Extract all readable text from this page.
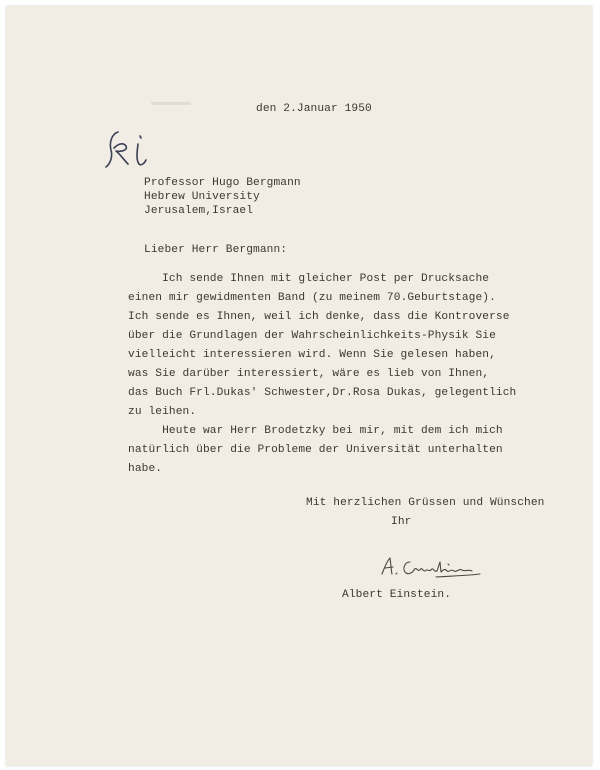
den 2.Januar 1950
Professor Hugo Bergmann
Hebrew University
Jerusalem,Israel
Lieber Herr Bergmann:
Ich sende Ihnen mit gleicher Post per Drucksache
einen mir gewidmenten Band (zu meinem 70.Geburtstage).
Ich sende es Ihnen, weil ich denke, dass die Kontroverse
über die Grundlagen der Wahrscheinlichkeits-Physik Sie
vielleicht interessieren wird. Wenn Sie gelesen haben,
was Sie darüber interessiert, wäre es lieb von Ihnen,
das Buch Frl.Dukas' Schwester,Dr.Rosa Dukas, gelegentlich
zu leihen.
Heute war Herr Brodetzky bei mir, mit dem ich mich
natürlich über die Probleme der Universität unterhalten
habe.
Mit herzlichen Grüssen und Wünschen
Ihr
Albert Einstein.
